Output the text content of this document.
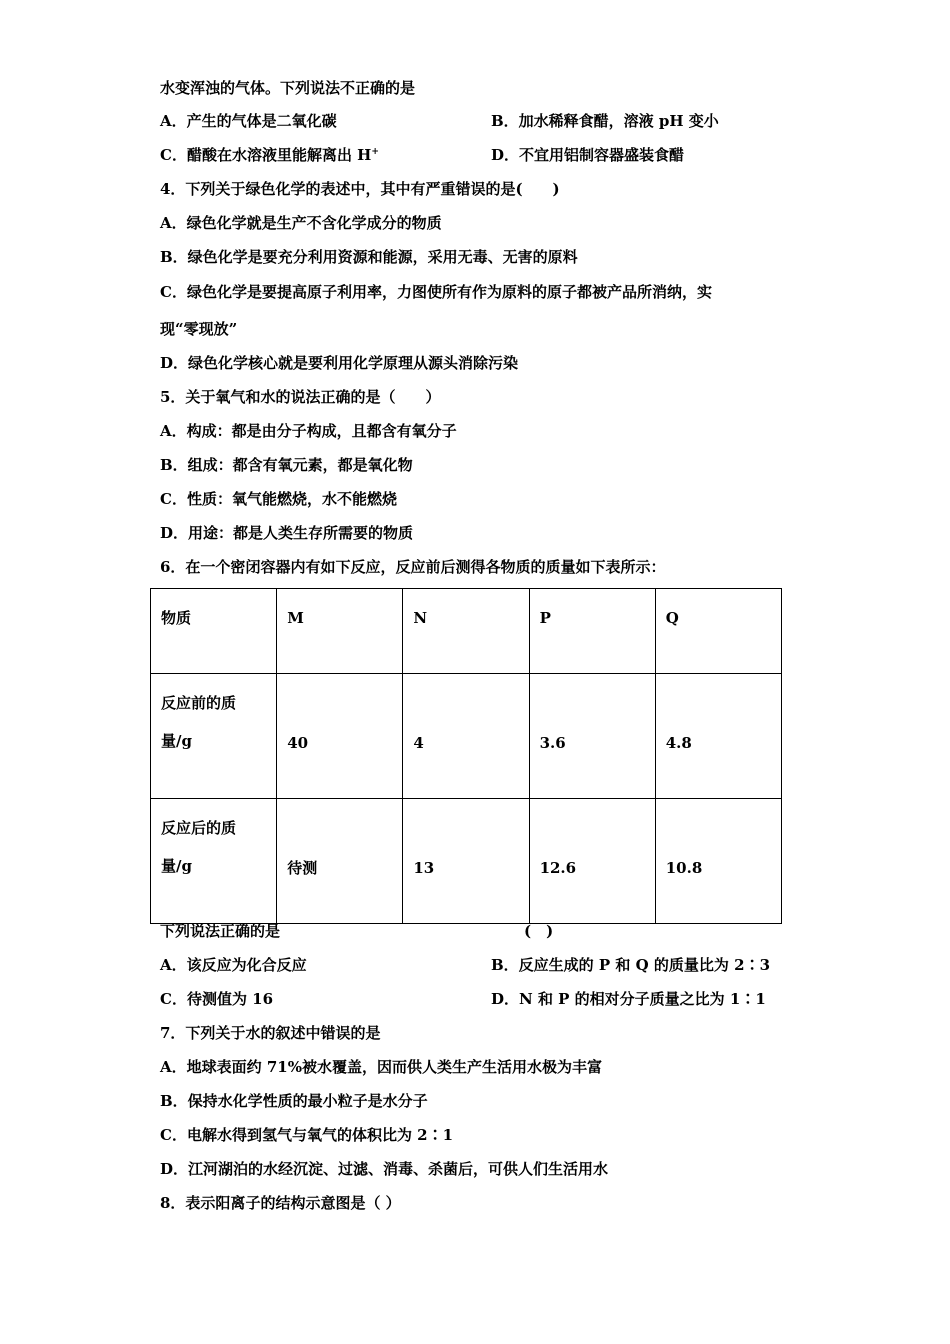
水变浑浊的气体。下列说法不正确的是
A．产生的气体是二氧化碳	B．加水稀释食醋，溶液 pH 变小
C．醋酸在水溶液里能解离出 H+	D．不宜用铝制容器盛装食醋
4．下列关于绿色化学的表述中，其中有严重错误的是(　　)
A．绿色化学就是生产不含化学成分的物质
B．绿色化学是要充分利用资源和能源，采用无毒、无害的原料
C．绿色化学是要提高原子利用率，力图使所有作为原料的原子都被产品所消纳，实
现“零现放”
D．绿色化学核心就是要利用化学原理从源头消除污染
5．关于氧气和水的说法正确的是（　　）
A．构成：都是由分子构成，且都含有氧分子
B．组成：都含有氧元素，都是氧化物
C．性质：氧气能燃烧，水不能燃烧
D．用途：都是人类生存所需要的物质
6．在一个密闭容器内有如下反应，反应前后测得各物质的质量如下表所示：
物质	M	N	P	Q
反应前的质
量/g	40	4	3.6	4.8
反应后的质
量/g	待测	13	12.6	10.8
下列说法正确的是	(　)
A．该反应为化合反应	B．反应生成的 P 和 Q 的质量比为 2∶3
C．待测值为 16	D．N 和 P 的相对分子质量之比为 1∶1
7．下列关于水的叙述中错误的是
A．地球表面约 71%被水覆盖，因而供人类生产生活用水极为丰富
B．保持水化学性质的最小粒子是水分子
C．电解水得到氢气与氧气的体积比为 2∶1
D．江河湖泊的水经沉淀、过滤、消毒、杀菌后，可供人们生活用水
8．表示阳离子的结构示意图是（ ）
